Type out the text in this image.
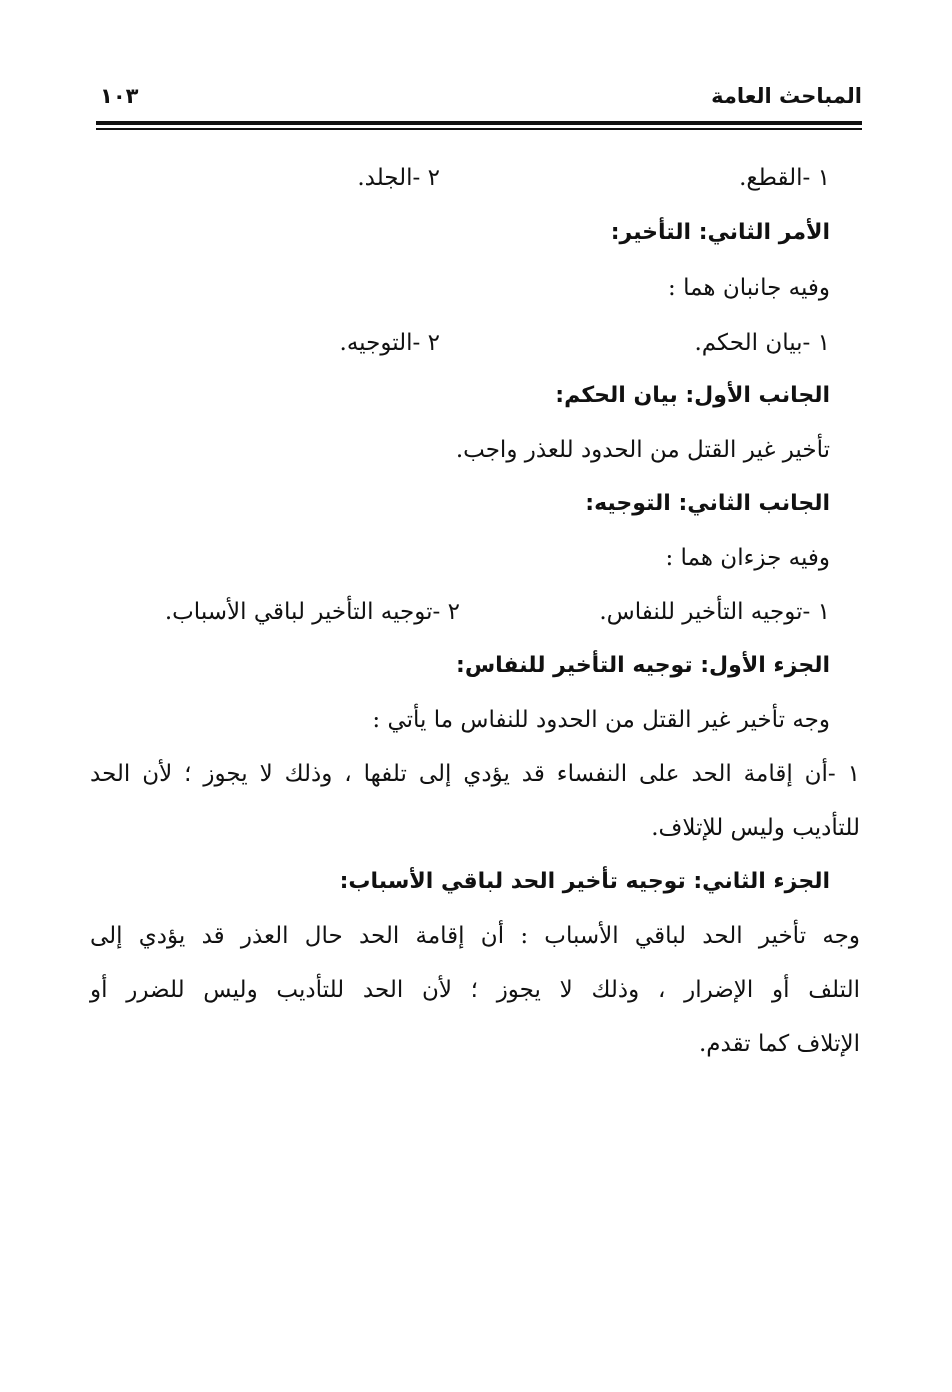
المباحث العامة
١٠٣
١ -القطع.
٢ -الجلد.
الأمر الثاني: التأخير:
وفيه جانبان هما :
١ -بيان الحكم.
٢ -التوجيه.
الجانب الأول: بيان الحكم:
تأخير غير القتل من الحدود للعذر واجب.
الجانب الثاني: التوجيه:
وفيه جزءان هما :
١ -توجيه التأخير للنفاس.
٢ -توجيه التأخير لباقي الأسباب.
الجزء الأول: توجيه التأخير للنفاس:
وجه تأخير غير القتل من الحدود للنفاس ما يأتي :
١ -أن إقامة الحد على النفساء قد يؤدي إلى تلفها ، وذلك لا يجوز ؛ لأن الحد
للتأديب وليس للإتلاف.
الجزء الثاني: توجيه تأخير الحد لباقي الأسباب:
وجه تأخير الحد لباقي الأسباب : أن إقامة الحد حال العذر قد يؤدي إلى
التلف أو الإضرار ، وذلك لا يجوز ؛ لأن الحد للتأديب وليس للضرر أو
الإتلاف كما تقدم.
